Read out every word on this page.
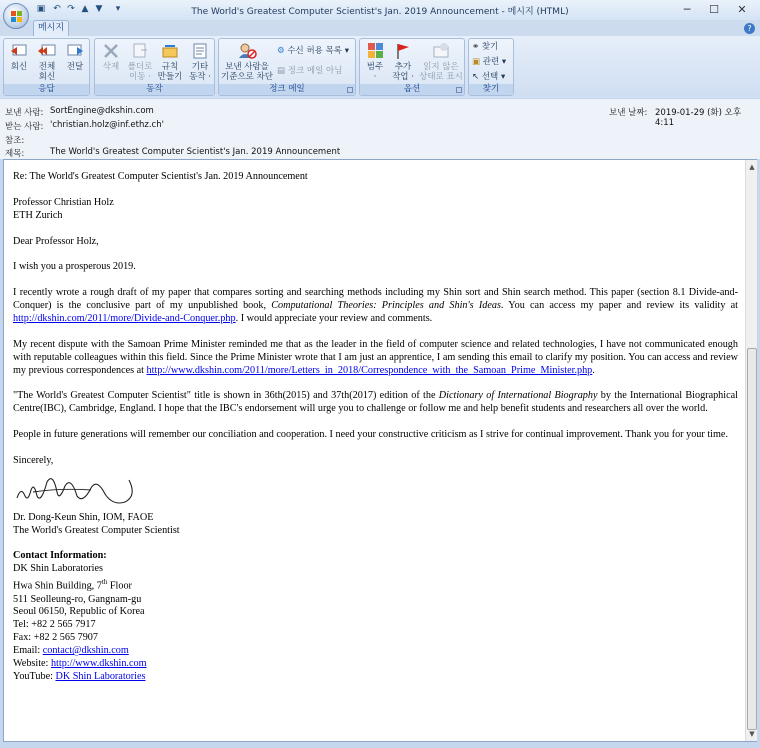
▣ ↶ ↷ ▲ ▼	▾	The World's Greatest Computer Scientist's Jan. 2019 Announcement - 메시지 (HTML)	─	☐	✕
메시지	?
회신	전체
회신
전달
응답
삭제 폴더로
이동 ·
규칙
만들기
기타
동작 ·
동작
보낸 사람을
기준으로 차단
⚙ 수신 허용 목록 ▾
▤ 정크 메일 아님
정크 메일
범주
·
추가
작업 ·
읽지 않은
상태로 표시
옵션
⚭ 찾기
▣ 관련 ▾
↖ 선택 ▾
찾기
보낸 사람: SortEngine@dkshin.com
받는 사람: 'christian.holz@inf.ethz.ch'
참조:
제목:	The World's Greatest Computer Scientist's Jan. 2019 Announcement
보낸 날짜: 2019-01-29 (화) 오후 4:11

Re: The World's Greatest Computer Scientist's Jan. 2019 Announcement

Professor Christian Holz

ETH Zurich

Dear Professor Holz,

I wish you a prosperous 2019.

I recently wrote a rough draft of my paper that compares sorting and searching methods including my Shin sort and Shin search method. This paper (section 8.1 Divide-and-Conquer) is the conclusive part of my unpublished book, Computational Theories: Principles and Shin's Ideas. You can access my paper and review its validity at http://dkshin.com/2011/more/Divide-and-Conquer.php. I would appreciate your review and comments.

My recent dispute with the Samoan Prime Minister reminded me that as the leader in the field of computer science and related technologies, I have not communicated enough with reputable colleagues within this field. Since the Prime Minister wrote that I am just an apprentice, I am sending this email to clarify my position. You can access and review my previous correspondences at http://www.dkshin.com/2011/more/Letters_in_2018/Correspondence_with_the_Samoan_Prime_Minister.php.

"The World's Greatest Computer Scientist" title is shown in 36th(2015) and 37th(2017) edition of the Dictionary of International Biography by the International Biographical Centre(IBC), Cambridge, England. I hope that the IBC's endorsement will urge you to challenge or follow me and help benefit students and researchers all over the world.

People in future generations will remember our conciliation and cooperation. I need your constructive criticism as I strive for continual improvement. Thank you for your time.

Sincerely,
Dr. Dong-Keun Shin, IOM, FAOE

The World's Greatest Computer Scientist

Contact Information:
DK Shin Laboratories
Hwa Shin Building, 7th Floor
511 Seolleung-ro, Gangnam-gu
Seoul 06150, Republic of Korea
Tel: +82 2 565 7917
Fax: +82 2 565 7907
Email: contact@dkshin.com
Website: http://www.dkshin.com
YouTube: DK Shin Laboratories
▲
▼
